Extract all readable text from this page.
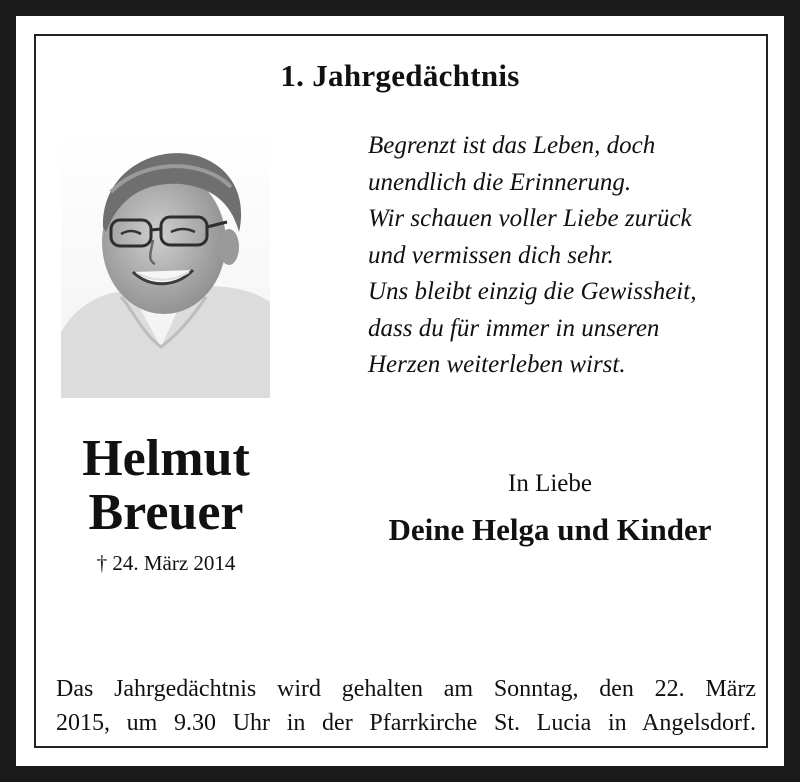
1. Jahrgedächtnis
Begrenzt ist das Leben, doch
unendlich die Erinnerung.
Wir schauen voller Liebe zurück
und vermissen dich sehr.
Uns bleibt einzig die Gewissheit,
dass du für immer in unseren
Herzen weiterleben wirst.
Helmut
Breuer
† 24. März 2014
In Liebe
Deine Helga und Kinder
Das Jahrgedächtnis wird gehalten am Sonntag, den 22. März
2015, um 9.30 Uhr in der Pfarrkirche St. Lucia in Angelsdorf.
